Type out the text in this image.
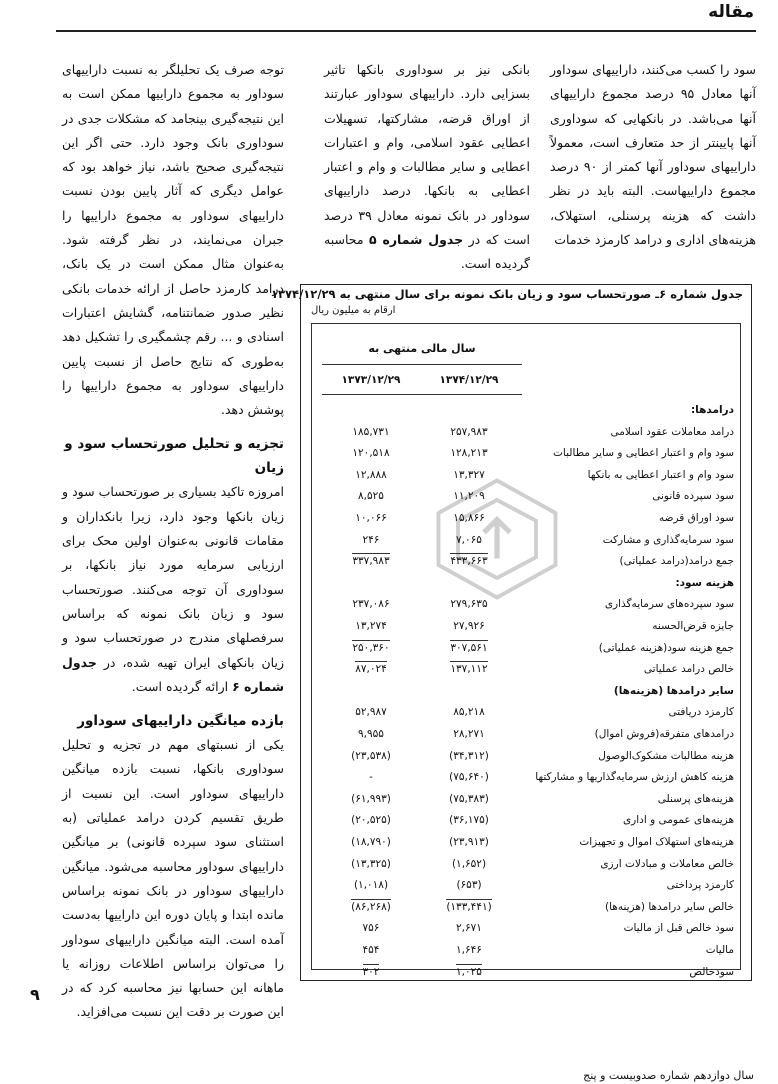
مقاله

سود را کسب می‌کنند، داراییهای سوداور آنها معادل ۹۵ درصد مجموع داراییهای آنها می‌باشد. در بانکهایی که سوداوری آنها پایینتر از حد متعارف است، معمولاً داراییهای سوداور آنها کمتر از ۹۰ درصد مجموع داراییهاست. البته باید در نظر داشت که هزینه پرسنلی، استهلاک، هزینه‌های اداری و درامد کارمزد خدمات

بانکی نیز بر سوداوری بانکها تاثیر بسزایی دارد. داراییهای سوداور عبارتند از اوراق قرضه، مشارکتها، تسهیلات اعطایی عقود اسلامی، وام و اعتبارات اعطایی و سایر مطالبات و وام و اعتبار اعطایی به بانکها. درصد داراییهای سوداور در بانک نمونه معادل ۳۹ درصد است که در جدول شماره ۵ محاسبه گردیده است.

توجه صرف یک تحلیلگر به نسبت داراییهای سوداور به مجموع داراییها ممکن است به این نتیجه‌گیری بینجامد که مشکلات جدی در سوداوری بانک وجود دارد. حتی اگر این نتیجه‌گیری صحیح باشد، نیاز خواهد بود که عوامل دیگری که آثار پایین بودن نسبت داراییهای سوداور به مجموع داراییها را جبران می‌نمایند، در نظر گرفته شود. به‌عنوان مثال ممکن است در یک بانک، درامد کارمزد حاصل از ارائه خدمات بانکی نظیر صدور ضمانتنامه، گشایش اعتبارات اسنادی و ... رقم چشمگیری را تشکیل دهد به‌طوری که نتایج حاصل از نسبت پایین داراییهای سوداور به مجموع داراییها را پوشش دهد.

تجزیه و تحلیل صورتحساب سود و زیان

امروزه تاکید بسیاری بر صورتحساب سود و زیان بانکها وجود دارد، زیرا بانکداران و مقامات قانونی به‌عنوان اولین محک برای ارزیابی سرمایه مورد نیاز بانکها، بر سوداوری آن توجه می‌کنند. صورتحساب سود و زیان بانک نمونه که براساس سرفصلهای مندرج در صورتحساب سود و زیان بانکهای ایران تهیه شده، در جدول شماره ۶ ارائه گردیده است.

بازده میانگین داراییهای سوداور

یکی از نسبتهای مهم در تجزیه و تحلیل سوداوری بانکها، نسبت بازده میانگین داراییهای سوداور است. این نسبت از طریق تقسیم کردن درامد عملیاتی (به استثنای سود سپرده قانونی) بر میانگین داراییهای سوداور محاسبه می‌شود. میانگین داراییهای سوداور در بانک نمونه براساس مانده ابتدا و پایان دوره این داراییها به‌دست آمده است. البته میانگین داراییهای سوداور را می‌توان براساس اطلاعات روزانه یا ماهانه این حسابها نیز محاسبه کرد که در این صورت بر دقت این نسبت می‌افزاید.

جدول شماره ۶ـ صورتحساب سود و زیان بانک نمونه برای سال منتهی به ۱۳۷۴/۱۲/۲۹
ارقام به میلیون ریال
سال مالی منتهی به
۱۳۷۴/۱۲/۲۹
۱۳۷۳/۱۲/۲۹
درامدها:
درامد معاملات عقود اسلامی
۲۵۷,۹۸۳
۱۸۵,۷۳۱
سود وام و اعتبار اعطایی و سایر مطالبات
۱۲۸,۲۱۳
۱۲۰,۵۱۸
سود وام و اعتبار اعطایی به بانکها
۱۳,۳۲۷
۱۲,۸۸۸
سود سپرده قانونی
۱۱,۲۰۹
۸,۵۲۵
سود اوراق قرضه
۱۵,۸۶۶
۱۰,۰۶۶
سود سرمایه‌گذاری و مشارکت
۷,۰۶۵
۲۴۶
جمع درامد(درامد عملیاتی)
۴۳۳,۶۶۳
۳۳۷,۹۸۳
هزینه سود:
سود سپرده‌های سرمایه‌گذاری
۲۷۹,۶۳۵
۲۳۷,۰۸۶
جایزه قرض‌الحسنه
۲۷,۹۲۶
۱۳,۲۷۴
جمع هزینه سود(هزینه عملیاتی)
۳۰۷,۵۶۱
۲۵۰,۳۶۰
خالص درامد عملیاتی
۱۳۷,۱۱۲
۸۷,۰۲۴
سایر درامدها (هزینه‌ها)
کارمزد دریافتی
۸۵,۲۱۸
۵۲,۹۸۷
درامدهای متفرقه(فروش اموال)
۲۸,۲۷۱
۹,۹۵۵
هزینه مطالبات مشکوک‌الوصول
(۳۴,۳۱۲)
(۲۳,۵۳۸)
هزینه کاهش ارزش سرمایه‌گذاریها و مشارکتها
(۷۵,۶۴۰)
-
هزینه‌های پرسنلی
(۷۵,۳۸۳)
(۶۱,۹۹۳)
هزینه‌های عمومی و اداری
(۳۶,۱۷۵)
(۲۰,۵۲۵)
هزینه‌های استهلاک اموال و تجهیزات
(۲۳,۹۱۳)
(۱۸,۷۹۰)
خالص معاملات و مبادلات ارزی
(۱,۶۵۲)
(۱۳,۳۲۵)
کارمزد پرداختی
(۶۵۳)
(۱,۰۱۸)
خالص سایر درامدها (هزینه‌ها)
(۱۳۳,۴۴۱)
(۸۶,۲۶۸)
سود خالص قبل از مالیات
۲,۶۷۱
۷۵۶
مالیات
۱,۶۴۶
۴۵۴
سودخالص
۱,۰۲۵
۳۰۲
۹
سال دوازدهم شماره صدوبیست و پنج
